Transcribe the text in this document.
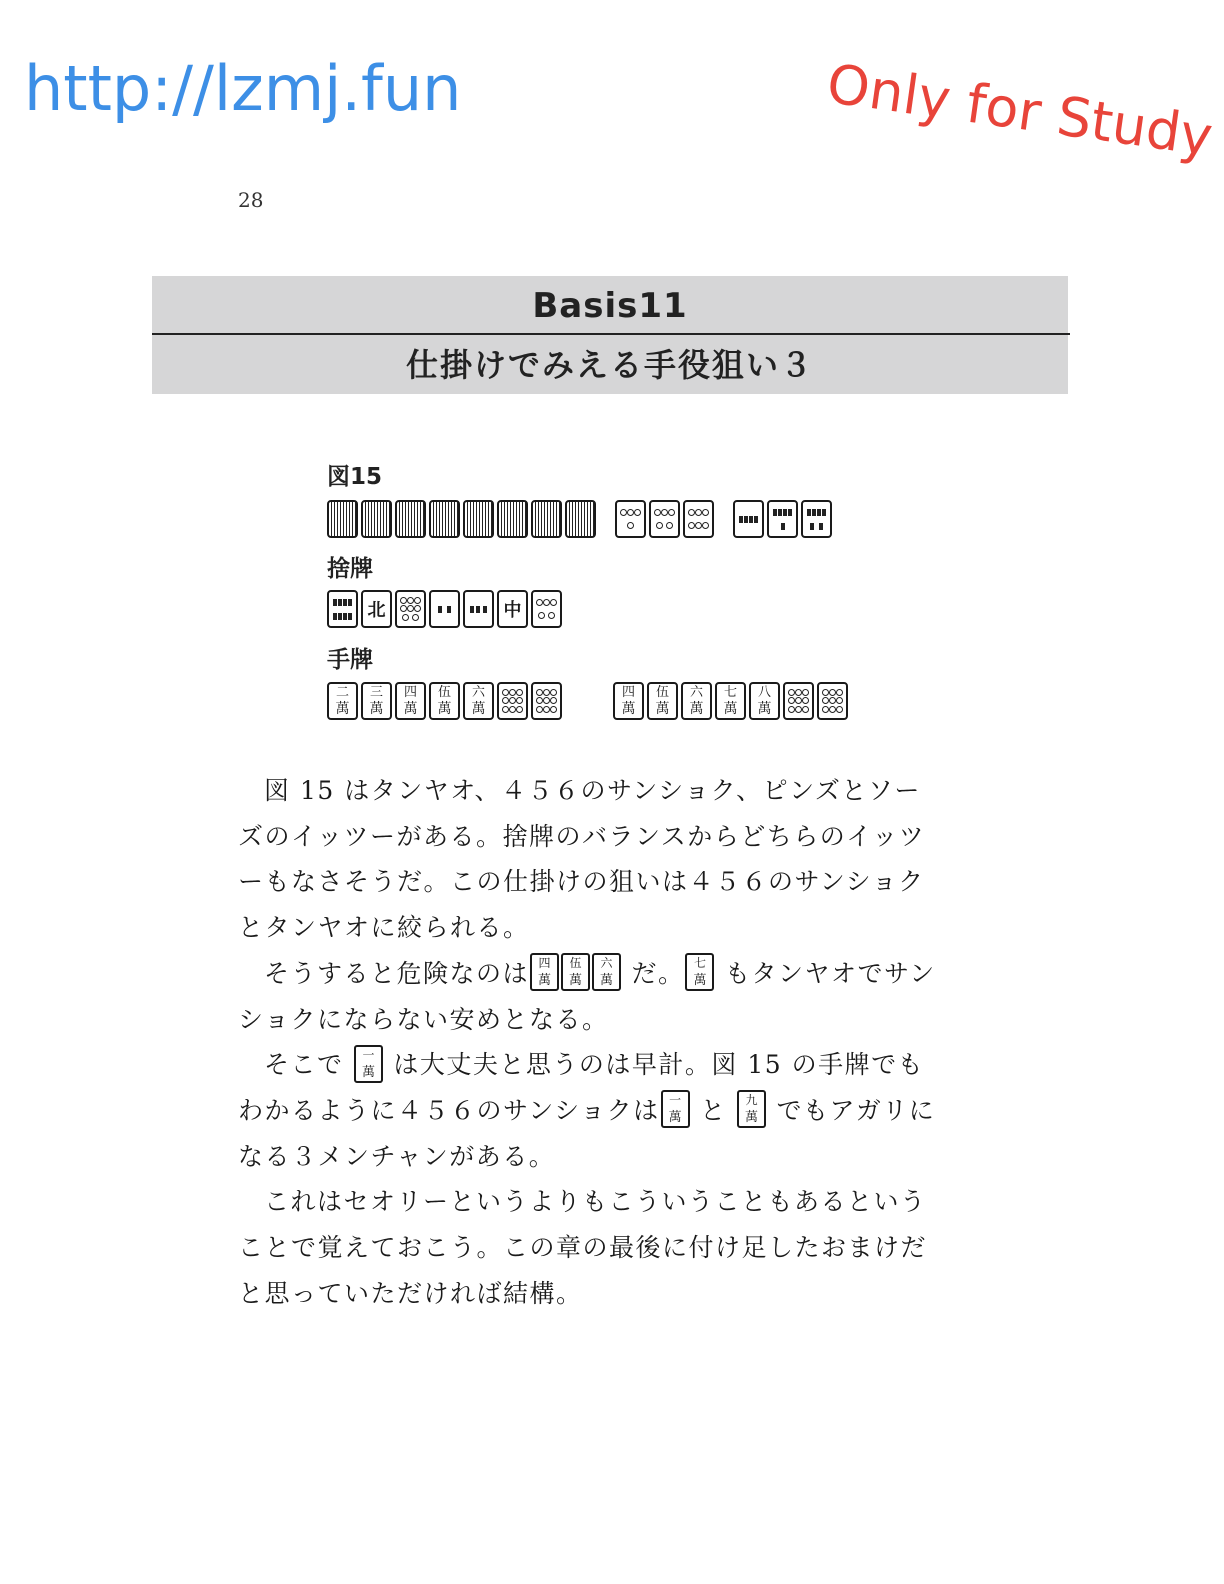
http://lzmj.fun	Only for Study
28
Basis11
仕掛けでみえる手役狙い３
図15
捨牌
北	中
手牌
二
萬
三
萬
四
萬
伍
萬
六
萬
四
萬
伍
萬
六
萬
七
萬
八
萬

図 15 はタンヤオ、４５６のサンショク、ピンズとソーズのイッツーがある。捨牌のバランスからどちらのイッツーもなさそうだ。この仕掛けの狙いは４５６のサンショクとタンヤオに絞られる。

そうすると危険なのは 四
萬
伍
萬
六
萬 だ。 七
萬 もタンヤオでサンショクにならない安めとなる。

そこで	一
萬 は大丈夫と思うのは早計。図 15 の手牌でもわかるように４５６のサンショクは 一
萬 と	九
萬 でもアガリになる３メンチャンがある。

これはセオリーというよりもこういうこともあるということで覚えておこう。この章の最後に付け足したおまけだと思っていただければ結構。
